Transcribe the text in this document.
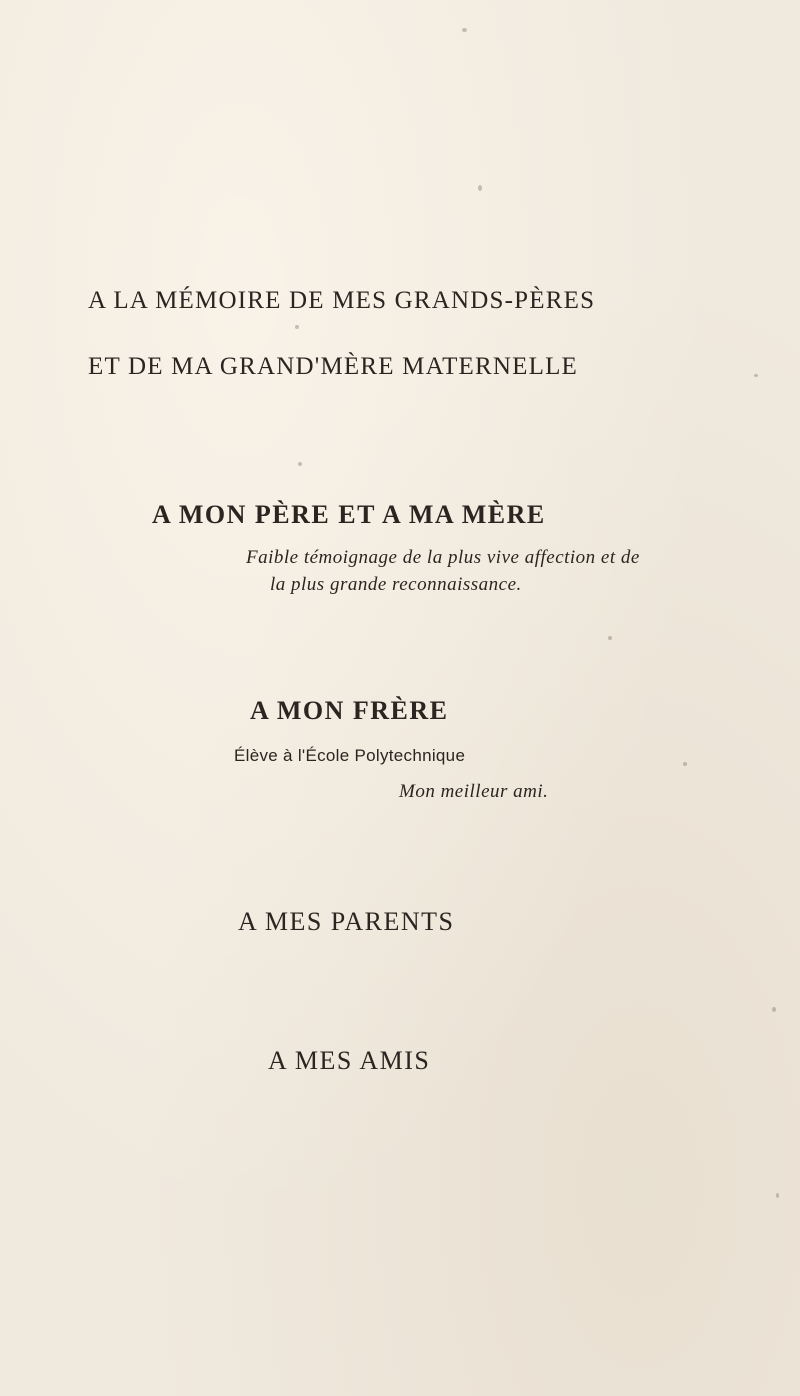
A LA MÉMOIRE DE MES GRANDS-PÈRES
ET DE MA GRAND'MÈRE MATERNELLE
A MON PÈRE ET A MA MÈRE
Faible témoignage de la plus vive affection et de
la plus grande reconnaissance.
A MON FRÈRE
Élève à l'École Polytechnique
Mon meilleur ami.
A MES PARENTS
A MES AMIS
